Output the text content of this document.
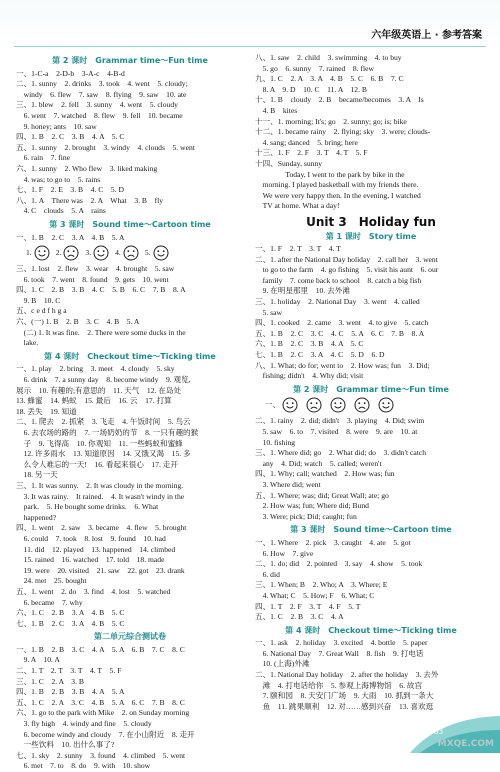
六年级英语上 · 参考答案
第 2 课时　Grammar time～Fun time
一、1-C-a　2-D-b　3-A-c　4-B-d
二、1. sunny　2. drinks　3. took　4. went　5. cloudy;
　windy　6. flew　7. saw　8. flying　9. saw　10. ate
三、1. blew　2. fell　3. sunny　4. went　5. cloudy
　6. went　7. watched　8. flew　9. fell　10. became
　9. honey; ants　10. saw
四、1. B　2. C　3. B　4. A　5. C
五、1. sunny　2. brought　3. windy　4. clouds　5. went
　6. rain　7. fine
六、1. sunny　2. Who flew　3. liked making
　4. was; to go to　5. rains
七、1. F　2. E　3. B　4. C　5. D
八、1. A　There was　2. A　What　3. B　fly
　4. C　clouds　5. A　rains
第 3 课时　Sound time～Cartoon time
一、1. B　2. C　3. A　4. B　5. A
1.	2.	3.	4.	5.
三、1. lost　2. flew　3. wear　4. brought　5. saw
　6. took　7. went　8. found　9. gets　10. went
四、1. C　2. B　3. B　4. C　5. B　6. C　7. B　8. A
　9. B　10. C
五、c e d f h g a
六、(一) 1. B　2. B　3. C　4. B　5. A
　(二) 1. It was fine.　2. There were some ducks in the
　lake.
第 4 课时　Checkout time～Ticking time
一、1. play　2. bring　3. meet　4. cloudy　5. sky
　6. drink　7. a sunny day　8. become windy　9. 观览,
展示　10. 有趣的;有意思的　11. 天气　12. 在岛处
13. 蜂蜜　14. 蚂蚁　15. 最后　16. 云　17. 打算
18. 丢失　19. 知道
二、1. 爬去　2. 抓紧　3. 飞走　4. 午饭时间　5. 鸟云
　6. 去农场的路的　7. 一场奶奶的节　8. 一只有趣的猴
　子　9. 飞得高　10. 你观知　11. 一些蚂蚁和蜜蜂
　12. 许多雨水　13. 知道原因　14. 又饿又渴　15. 多
　么令人难忘的一天!　16. 看起来很心　17. 走开
　18. 另一天
三、1. It was sunny.　2. It was cloudy in the morning.
　3. It was rainy.　It rained.　4. It wasn't windy in the
　park.　5. He bought some drinks.　6. What
　happened?
四、1. went　2. saw　3. became　4. flew　5. brought
　6. could　7. took　8. lost　9. found　10. had
　11. did　12. played　13. happened　14. climbed
　15. rained　16. watched　17. told　18. made
　19. were　20. visited　21. saw　22. got　23. drank
　24. met　25. bought
五、1. went　2. do　3. find　4. lost　5. watched
　6. became　7. why
六、1. C　2. B　3. A　4. B　5. C
七、1. B　2. C　3. A　4. B　5. C
第二单元综合测试卷
一、1. B　2. B　3. C　4. A　5. A　6. B　7. C　8. C
　9. A　10. A
二、1. T　2. T　3. T　4. T　5. F
三、1. C　2. A　3. B
四、1. B　2. B　3. B　4. A　5. A
五、1. C　2. A　3. C　4. B　5. A　6. C　7. B　8. C
六、1. go to the park with Mike　2. on Sunday morning
　3. fly high　4. windy and fine　5. cloudy
　6. become windy and cloudy　7. 在小山附近　8. 走开
　一些饮料　10. 出什么事了?
七、1. sky　2. sunny　3. found　4. climbed　5. went
　6. met　7. to　8. do　9. with　10. show
八、1. saw　2. child　3. swimming　4. to buy
　5. go　6. sunny　7. rained　8. flew
九、1. C　2. A　3. A　4. B　5. C　6. B　7. C
　8. A　9. D　10. C　11. A　12. B
十、1. B　cloudy　2. B　became/becomes　3. A　Is
　4. B　kites
十一、1. morning; It's; go　2. sunny; go; is; bike
十二、1. became rainy　2. flying; sky　3. were; clouds-
　4. sang; danced　5. bring; here
十三、1. F　2. F　3. T　4. T　5. F
十四、Sunday, sunny
　　　　Today, I went to the park by bike in the
　morning. I played basketball with my friends there.
　We were very happy then. In the evening, I watched
　TV at home. What a day!
Unit 3　Holiday fun
第 1 课时　Story time
一、1. F　2. T　3. T　4. T
二、1. after the National Day holiday　2. call her　3. went
　to go to the farm　4. go fishing　5. visit his aunt　6. our
　family　7. come back to school　8. catch a big fish
　9. 在明星那里　10. 去外滩
三、1. holiday　2. National Day　3. went　4. called
　5. saw
四、1. cooked　2. came　3. went　4. to give　5. catch
五、1. B　2. C　3. C　4. C　5. A　6. C　7. B　8. A
六、1. B　2. C　3. B　4. A　5. C
七、1. B　2. C　3. A　4. C　5. D　6. D
八、1. What; do for; went to　2. How was; fun　3. Did;
　fishing; didn't　4. Why did; visit
第 2 课时　Grammar time～Fun time
一、
二、1. rainy　2. did; didn't　3. playing　4. Did; swim
　5. saw　6. to　7. visited　8. were　9. are　10. at
　10. fishing
三、1. Where did; go　2. What did; do　3. didn't catch
　any　4. Did; watch　5. called; weren't
四、1. Why; call; watched　2. How was; fun
　3. Where did; went
五、1. Where; was; did; Great Wall; ate; go
　2. How was; fun; Where did; Bund
　3. Were; pick; Did; caught; fun
第 3 课时　Sound time～Cartoon time
一、1. Where　2. pick　3. caught　4. ate　5. got
　6. How　7. give
二、1. do; did　2. pointed　3. say　4. show　5. took
　6. did
三、1. When; B　2. Who; A　3. Where; E
　4. What; C　5. How; F　6. What; C
四、1. T　2. F　3. T　4. F　5. T
五、1. C　2. B　3. C　4. A
第 4 课时　Checkout time～Ticking time
一、1. ask　2. holiday　3. excited　4. bottle　5. paper
　6. National Day　7. Great Wall　8. fish　9. 打电话
　10. (上海)外滩
二、1. National Day holiday　2. after the holiday　3. 去外
　滩　4. 打电话给你　5. 参观上海博物馆　6. 故宫
　7. 颐和园　8. 天安门广场　9. 大雨　10. 抓到一条大
　鱼　11. 跳果顺利　12. 对……感到兴奋　13. 喜欢逛
53
MXQE.COM
